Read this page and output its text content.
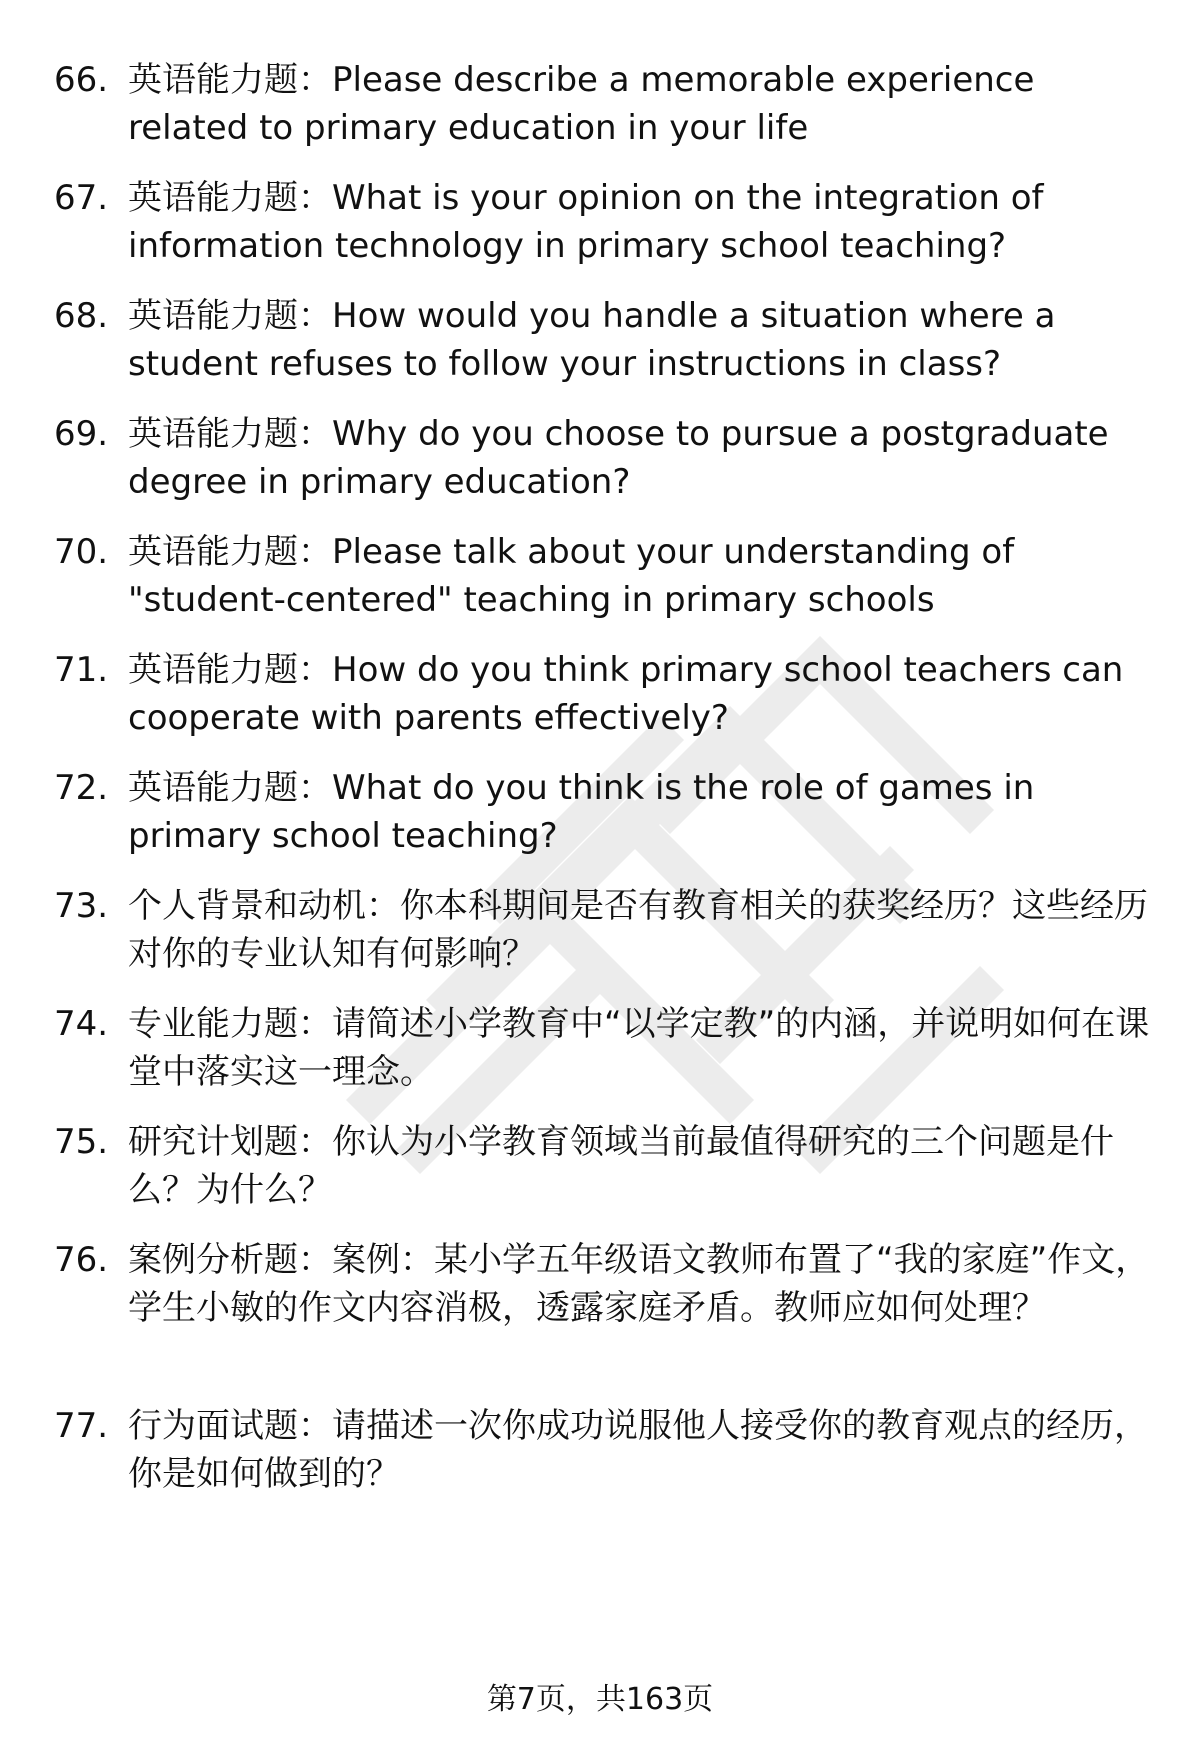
66. 英语能力题：Please describe a memorable experience related to primary education in your life
67. 英语能力题：What is your opinion on the integration of information technology in primary school teaching?
68. 英语能力题：How would you handle a situation where a student refuses to follow your instructions in class?
69. 英语能力题：Why do you choose to pursue a postgraduate degree in primary education?
70. 英语能力题：Please talk about your understanding of "student-centered" teaching in primary schools
71. 英语能力题：How do you think primary school teachers can cooperate with parents effectively?
72. 英语能力题：What do you think is the role of games in primary school teaching?
73. 个人背景和动机：你本科期间是否有教育相关的获奖经历？这些经历对你的专业认知有何影响？
74. 专业能力题：请简述小学教育中“以学定教”的内涵，并说明如何在课堂中落实这一理念。
75. 研究计划题：你认为小学教育领域当前最值得研究的三个问题是什么？为什么？
76. 案例分析题：案例：某小学五年级语文教师布置了“我的家庭”作文，学生小敏的作文内容消极，透露家庭矛盾。教师应如何处理？
77. 行为面试题：请描述一次你成功说服他人接受你的教育观点的经历，你是如何做到的？
第7页，共163页
